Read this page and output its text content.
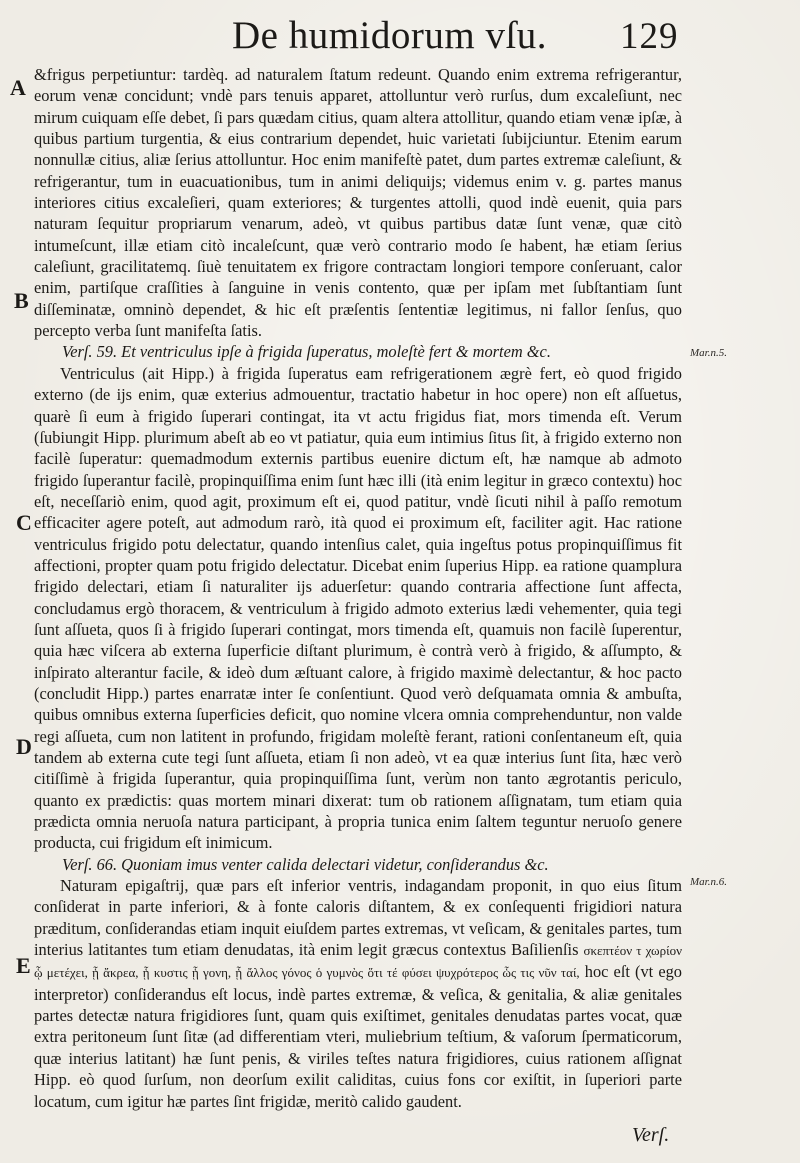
De humidorum vſu. 129
A
B
C
D
E
Mar.n.5.
Mar.n.6.

&frigus perpetiuntur: tardèq. ad naturalem ſtatum redeunt. Quando enim extrema refrigerantur, eorum venæ concidunt; vndè pars tenuis apparet, attolluntur verò rurſus, dum excaleſiunt, nec mirum cuiquam eſſe debet, ſi pars quædam citius, quam altera attollitur, quando etiam venæ ipſæ, à quibus partium turgentia, & eius contrarium dependet, huic varietati ſubijciuntur. Etenim earum nonnullæ citius, aliæ ſerius attolluntur. Hoc enim manifeſtè patet, dum partes extremæ caleſiunt, & refrigerantur, tum in euacuationibus, tum in animi deliquijs; videmus enim v. g. partes manus interiores citius excaleſieri, quam exteriores; & turgentes attolli, quod indè euenit, quia pars naturam ſequitur propriarum venarum, adeò, vt quibus partibus datæ ſunt venæ, quæ citò intumeſcunt, illæ etiam citò incaleſcunt, quæ verò contrario modo ſe habent, hæ etiam ſerius caleſiunt, gracilitatemq. ſiuè tenuitatem ex frigore contractam longiori tempore conſeruant, calor enim, partiſque craſſities à ſanguine in venis contento, quæ per ipſam met ſubſtantiam ſunt diſſeminatæ, omninò dependet, & hic eſt præſentis ſententiæ legitimus, ni fallor ſenſus, quo percepto verba ſunt manifeſta ſatis.

Verſ. 59. Et ventriculus ipſe à frigida ſuperatus, moleſtè fert & mortem &c.

Ventriculus (ait Hipp.) à frigida ſuperatus eam refrigerationem ægrè fert, eò quod frigido externo (de ijs enim, quæ exterius admouentur, tractatio habetur in hoc opere) non eſt aſſuetus, quarè ſi eum à frigido ſuperari contingat, ita vt actu frigidus fiat, mors timenda eſt. Verum (ſubiungit Hipp. plurimum abeſt ab eo vt patiatur, quia eum intimius ſitus ſit, à frigido externo non facilè ſuperatur: quemadmodum externis partibus euenire dictum eſt, hæ namque ab admoto frigido ſuperantur facilè, propinquiſſima enim ſunt hæc illi (ità enim legitur in græco contextu) hoc eſt, neceſſariò enim, quod agit, proximum eſt ei, quod patitur, vndè ſicuti nihil à paſſo remotum efficaciter agere poteſt, aut admodum rarò, ità quod ei proximum eſt, faciliter agit. Hac ratione ventriculus frigido potu delectatur, quando intenſius calet, quia ingeſtus potus propinquiſſimus fit affectioni, propter quam potu frigido delectatur. Dicebat enim ſuperius Hipp. ea ratione quamplura frigido delectari, etiam ſi naturaliter ijs aduerſetur: quando contraria affectione ſunt affecta, concludamus ergò thoracem, & ventriculum à frigido admoto exterius lædi vehementer, quia tegi ſunt aſſueta, quos ſi à frigido ſuperari contingat, mors timenda eſt, quamuis non facilè ſuperentur, quia hæc viſcera ab externa ſuperficie diſtant plurimum, è contrà verò à frigido, & aſſumpto, & inſpirato alterantur facile, & ideò dum æſtuant calore, à frigido maximè delectantur, & hoc pacto (concludit Hipp.) partes enarratæ inter ſe conſentiunt. Quod verò deſquamata omnia & ambuſta, quibus omnibus externa ſuperficies deficit, quo nomine vlcera omnia comprehenduntur, non valde regi aſſueta, cum non latitent in profundo, frigidam moleſtè ferant, rationi conſentaneum eſt, quia tandem ab externa cute tegi ſunt aſſueta, etiam ſi non adeò, vt ea quæ interius ſunt ſita, hæc verò citiſſimè à frigida ſuperantur, quia propinquiſſima ſunt, verùm non tanto ægrotantis periculo, quanto ex prædictis: quas mortem minari dixerat: tum ob rationem aſſignatam, tum etiam quia prædicta omnia neruoſa natura participant, à propria tunica enim ſaltem teguntur neruoſo genere producta, cui frigidum eſt inimicum.

Verſ. 66. Quoniam imus venter calida delectari videtur, conſiderandus &c.

Naturam epigaſtrij, quæ pars eſt inferior ventris, indagandam proponit, in quo eius ſitum conſiderat in parte inferiori, & à fonte caloris diſtantem, & ex conſequenti frigidiori natura præditum, conſiderandas etiam inquit eiuſdem partes extremas, vt veſicam, & genitales partes, tum interius latitantes tum etiam denudatas, ità enim legit græcus contextus Baſilienſis σκεπτέον τ χωρίον ᾧ μετέχει, ᾗ ἄκρεα, ᾗ κυστις ᾗ γονη, ᾗ ἄλλος γόνος ὁ γυμνὸς ὅτι τέ φύσει ψυχρότερος ὧς τις νῦν ταί, hoc eſt (vt ego interpretor) conſiderandus eſt locus, indè partes extremæ, & veſica, & genitalia, & aliæ genitales partes detectæ natura frigidiores ſunt, quam quis exiſtimet, genitales denudatas partes vocat, quæ extra peritoneum ſunt ſitæ (ad differentiam vteri, muliebrium teſtium, & vaſorum ſpermaticorum, quæ interius latitant) hæ ſunt penis, & viriles teſtes natura frigidiores, cuius rationem aſſignat Hipp. eò quod ſurſum, non deorſum exilit caliditas, cuius fons cor exiſtit, in ſuperiori parte locatum, cum igitur hæ partes ſint frigidæ, meritò calido gaudent.

Verſ.
